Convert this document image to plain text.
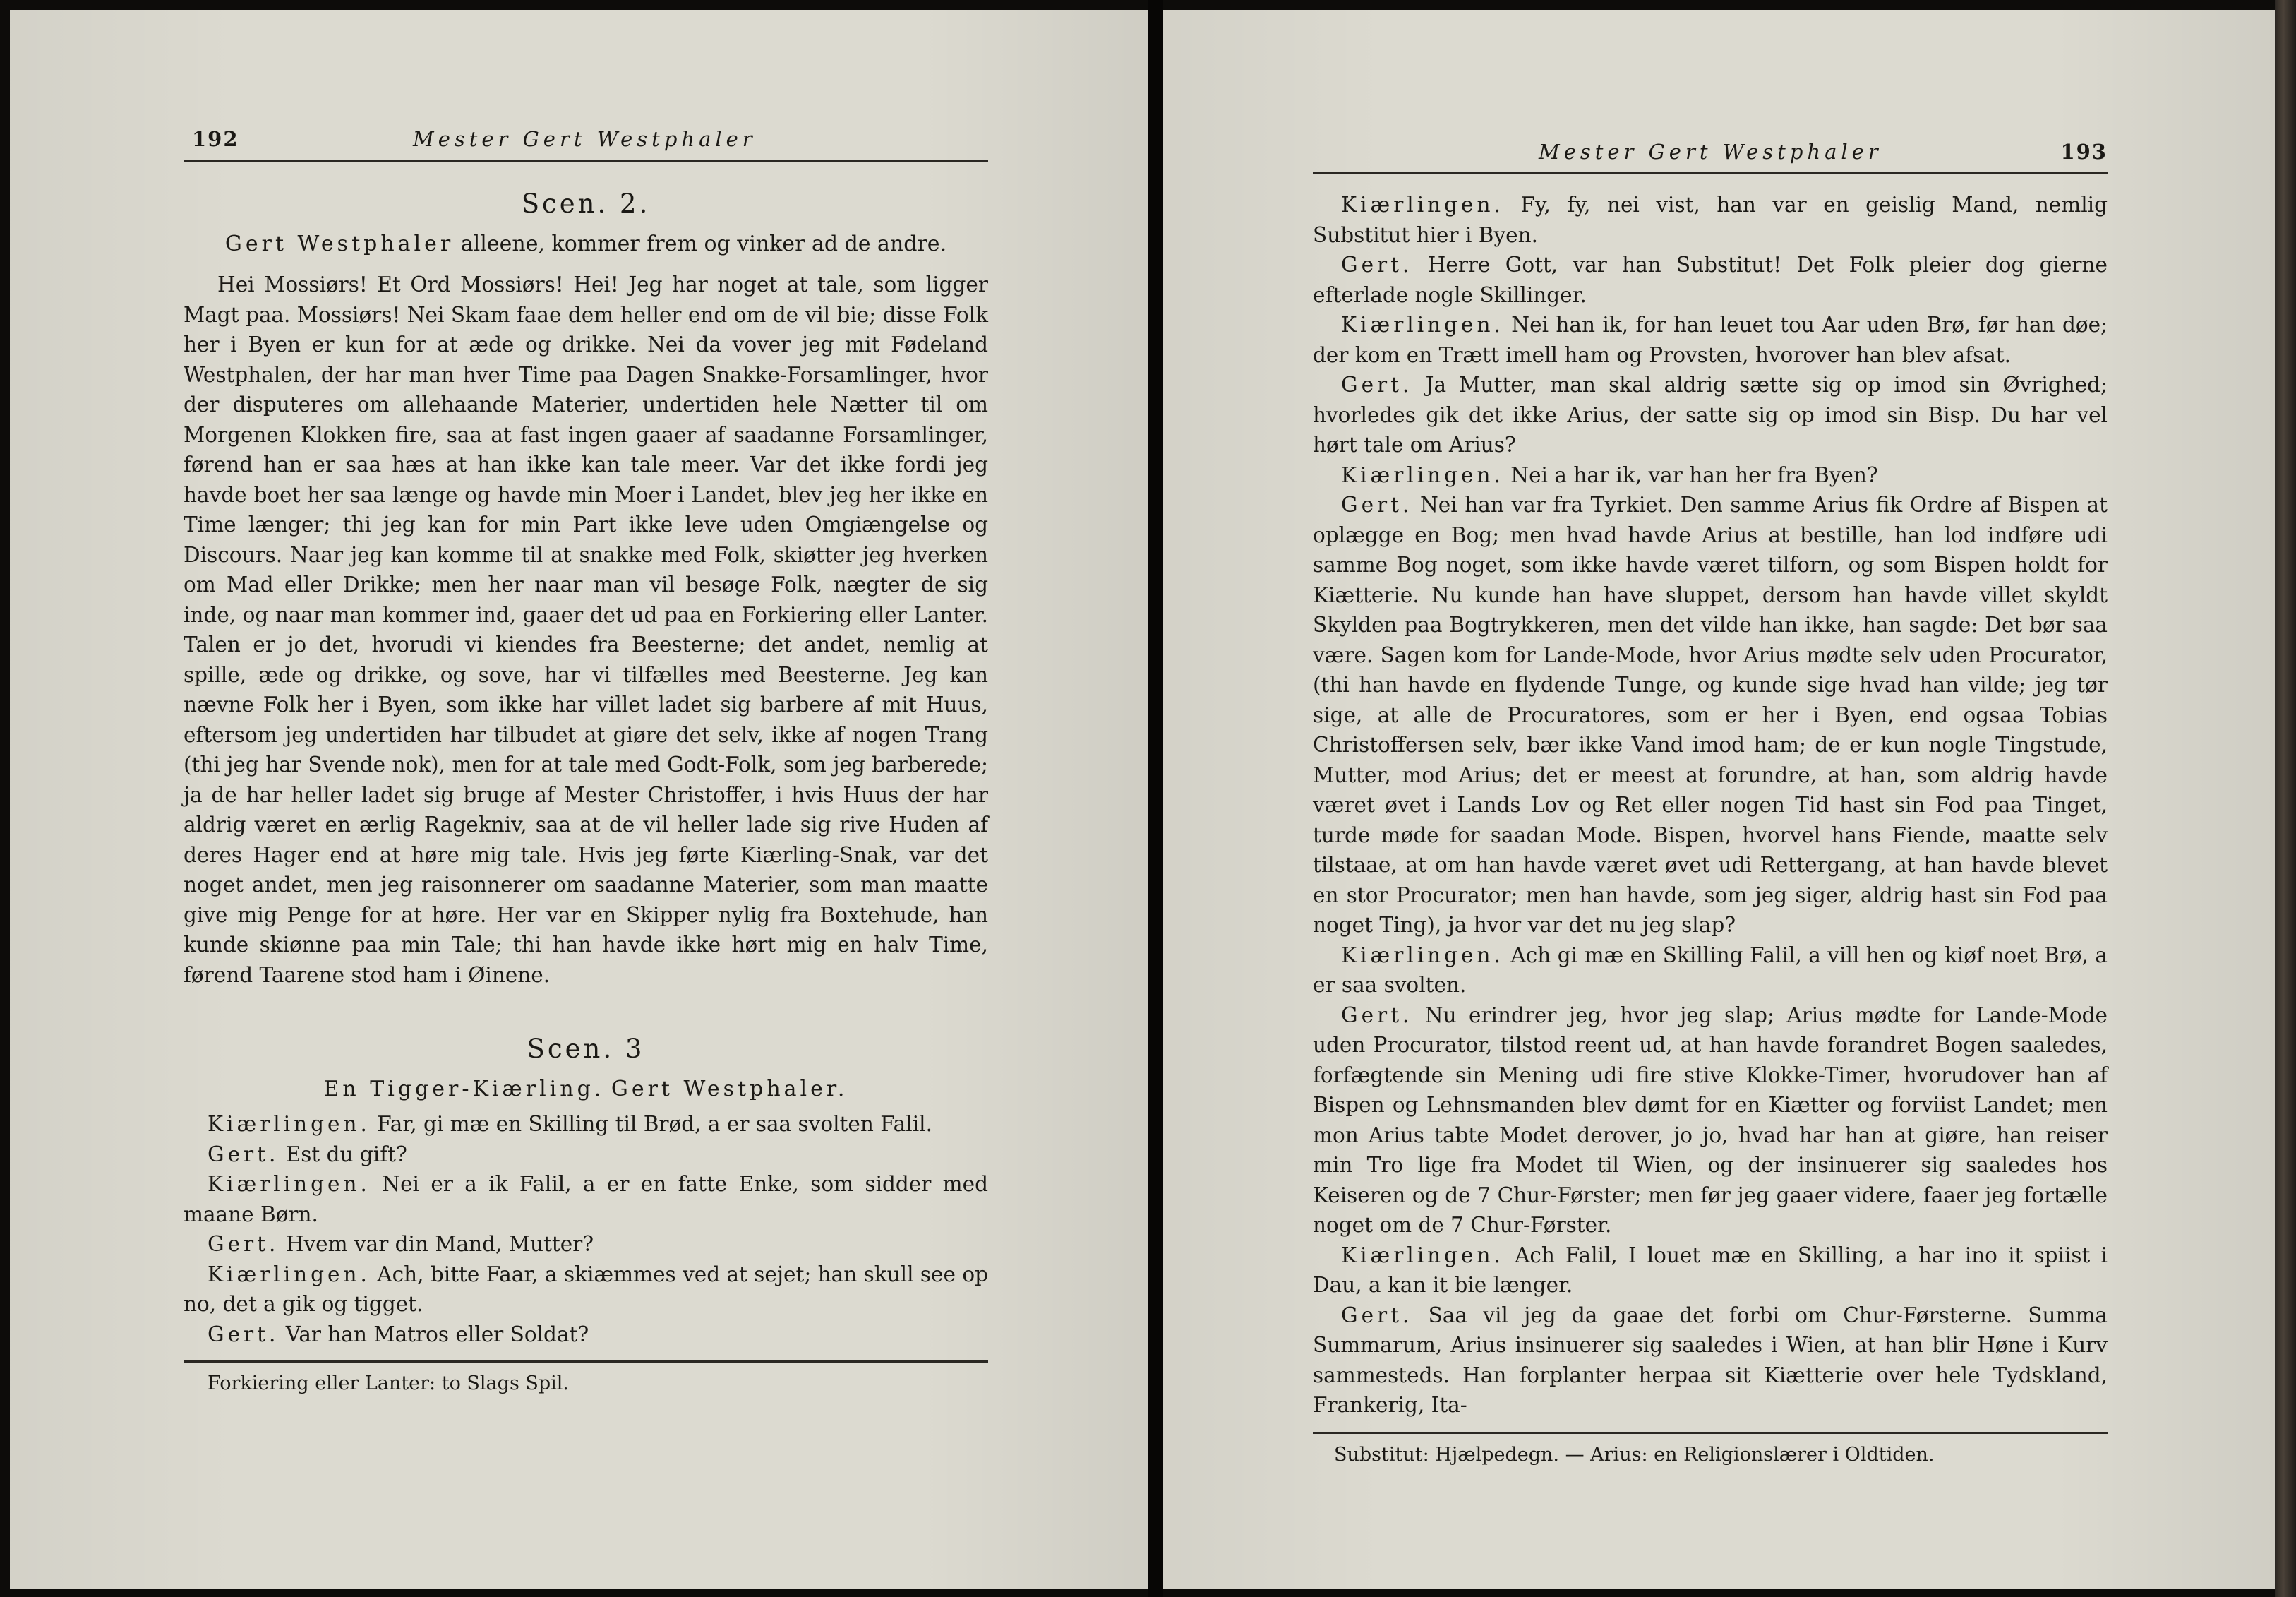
192	Mester Gert Westphaler
Scen. 2.
Gert Westphaler alleene, kommer frem og vinker ad de andre.
Hei Mossiørs! Et Ord Mossiørs! Hei! Jeg har noget at tale, som ligger Magt paa. Mossiørs! Nei Skam faae dem heller end om de vil bie; disse Folk her i Byen er kun for at æde og drikke. Nei da vover jeg mit Fødeland Westphalen, der har man hver Time paa Dagen Snakke-Forsamlinger, hvor der disputeres om allehaande Materier, undertiden hele Nætter til om Morgenen Klokken fire, saa at fast ingen gaaer af saadanne Forsamlinger, førend han er saa hæs at han ikke kan tale meer. Var det ikke fordi jeg havde boet her saa længe og havde min Moer i Landet, blev jeg her ikke en Time længer; thi jeg kan for min Part ikke leve uden Omgiængelse og Discours. Naar jeg kan komme til at snakke med Folk, skiøtter jeg hverken om Mad eller Drikke; men her naar man vil besøge Folk, nægter de sig inde, og naar man kommer ind, gaaer det ud paa en Forkiering eller Lanter. Talen er jo det, hvorudi vi kiendes fra Beesterne; det andet, nemlig at spille, æde og drikke, og sove, har vi tilfælles med Beesterne. Jeg kan nævne Folk her i Byen, som ikke har villet ladet sig barbere af mit Huus, eftersom jeg undertiden har tilbudet at giøre det selv, ikke af nogen Trang (thi jeg har Svende nok), men for at tale med Godt-Folk, som jeg barberede; ja de har heller ladet sig bruge af Mester Christoffer, i hvis Huus der har aldrig været en ærlig Ragekniv, saa at de vil heller lade sig rive Huden af deres Hager end at høre mig tale. Hvis jeg førte Kiærling-Snak, var det noget andet, men jeg raisonnerer om saadanne Materier, som man maatte give mig Penge for at høre. Her var en Skipper nylig fra Boxtehude, han kunde skiønne paa min Tale; thi han havde ikke hørt mig en halv Time, førend Taarene stod ham i Øinene.
Scen. 3
En Tigger-Kiærling. Gert Westphaler.

Kiærlingen. Far, gi mæ en Skilling til Brød, a er saa svolten Falil.

Gert. Est du gift?

Kiærlingen. Nei er a ik Falil, a er en fatte Enke, som sidder med maane Børn.

Gert. Hvem var din Mand, Mutter?

Kiærlingen. Ach, bitte Faar, a skiæmmes ved at sejet; han skull see op no, det a gik og tigget.

Gert. Var han Matros eller Soldat?

Forkiering eller Lanter: to Slags Spil.
Mester Gert Westphaler	193

Kiærlingen. Fy, fy, nei vist, han var en geislig Mand, nemlig Substitut hier i Byen.

Gert. Herre Gott, var han Substitut! Det Folk pleier dog gierne efterlade nogle Skillinger.

Kiærlingen. Nei han ik, for han leuet tou Aar uden Brø, før han døe; der kom en Trætt imell ham og Provsten, hvorover han blev afsat.

Gert. Ja Mutter, man skal aldrig sætte sig op imod sin Øvrighed; hvorledes gik det ikke Arius, der satte sig op imod sin Bisp. Du har vel hørt tale om Arius?

Kiærlingen. Nei a har ik, var han her fra Byen?

Gert. Nei han var fra Tyrkiet. Den samme Arius fik Ordre af Bispen at oplægge en Bog; men hvad havde Arius at bestille, han lod indføre udi samme Bog noget, som ikke havde været tilforn, og som Bispen holdt for Kiætterie. Nu kunde han have sluppet, dersom han havde villet skyldt Skylden paa Bogtrykkeren, men det vilde han ikke, han sagde: Det bør saa være. Sagen kom for Lande-Mode, hvor Arius mødte selv uden Procurator, (thi han havde en flydende Tunge, og kunde sige hvad han vilde; jeg tør sige, at alle de Procuratores, som er her i Byen, end ogsaa Tobias Christoffersen selv, bær ikke Vand imod ham; de er kun nogle Tingstude, Mutter, mod Arius; det er meest at forundre, at han, som aldrig havde været øvet i Lands Lov og Ret eller nogen Tid hast sin Fod paa Tinget, turde møde for saadan Mode. Bispen, hvorvel hans Fiende, maatte selv tilstaae, at om han havde været øvet udi Rettergang, at han havde blevet en stor Procurator; men han havde, som jeg siger, aldrig hast sin Fod paa noget Ting), ja hvor var det nu jeg slap?

Kiærlingen. Ach gi mæ en Skilling Falil, a vill hen og kiøf noet Brø, a er saa svolten.

Gert. Nu erindrer jeg, hvor jeg slap; Arius mødte for Lande-Mode uden Procurator, tilstod reent ud, at han havde forandret Bogen saaledes, forfægtende sin Mening udi fire stive Klokke-Timer, hvorudover han af Bispen og Lehnsmanden blev dømt for en Kiætter og forviist Landet; men mon Arius tabte Modet derover, jo jo, hvad har han at giøre, han reiser min Tro lige fra Modet til Wien, og der insinuerer sig saaledes hos Keiseren og de 7 Chur-Førster; men før jeg gaaer videre, faaer jeg fortælle noget om de 7 Chur-Førster.

Kiærlingen. Ach Falil, I louet mæ en Skilling, a har ino it spiist i Dau, a kan it bie længer.

Gert. Saa vil jeg da gaae det forbi om Chur-Førsterne. Summa Summarum, Arius insinuerer sig saaledes i Wien, at han blir Høne i Kurv sammesteds. Han forplanter herpaa sit Kiætterie over hele Tydskland, Frankerig, Ita-

Substitut: Hjælpedegn. — Arius: en Religionslærer i Oldtiden.
